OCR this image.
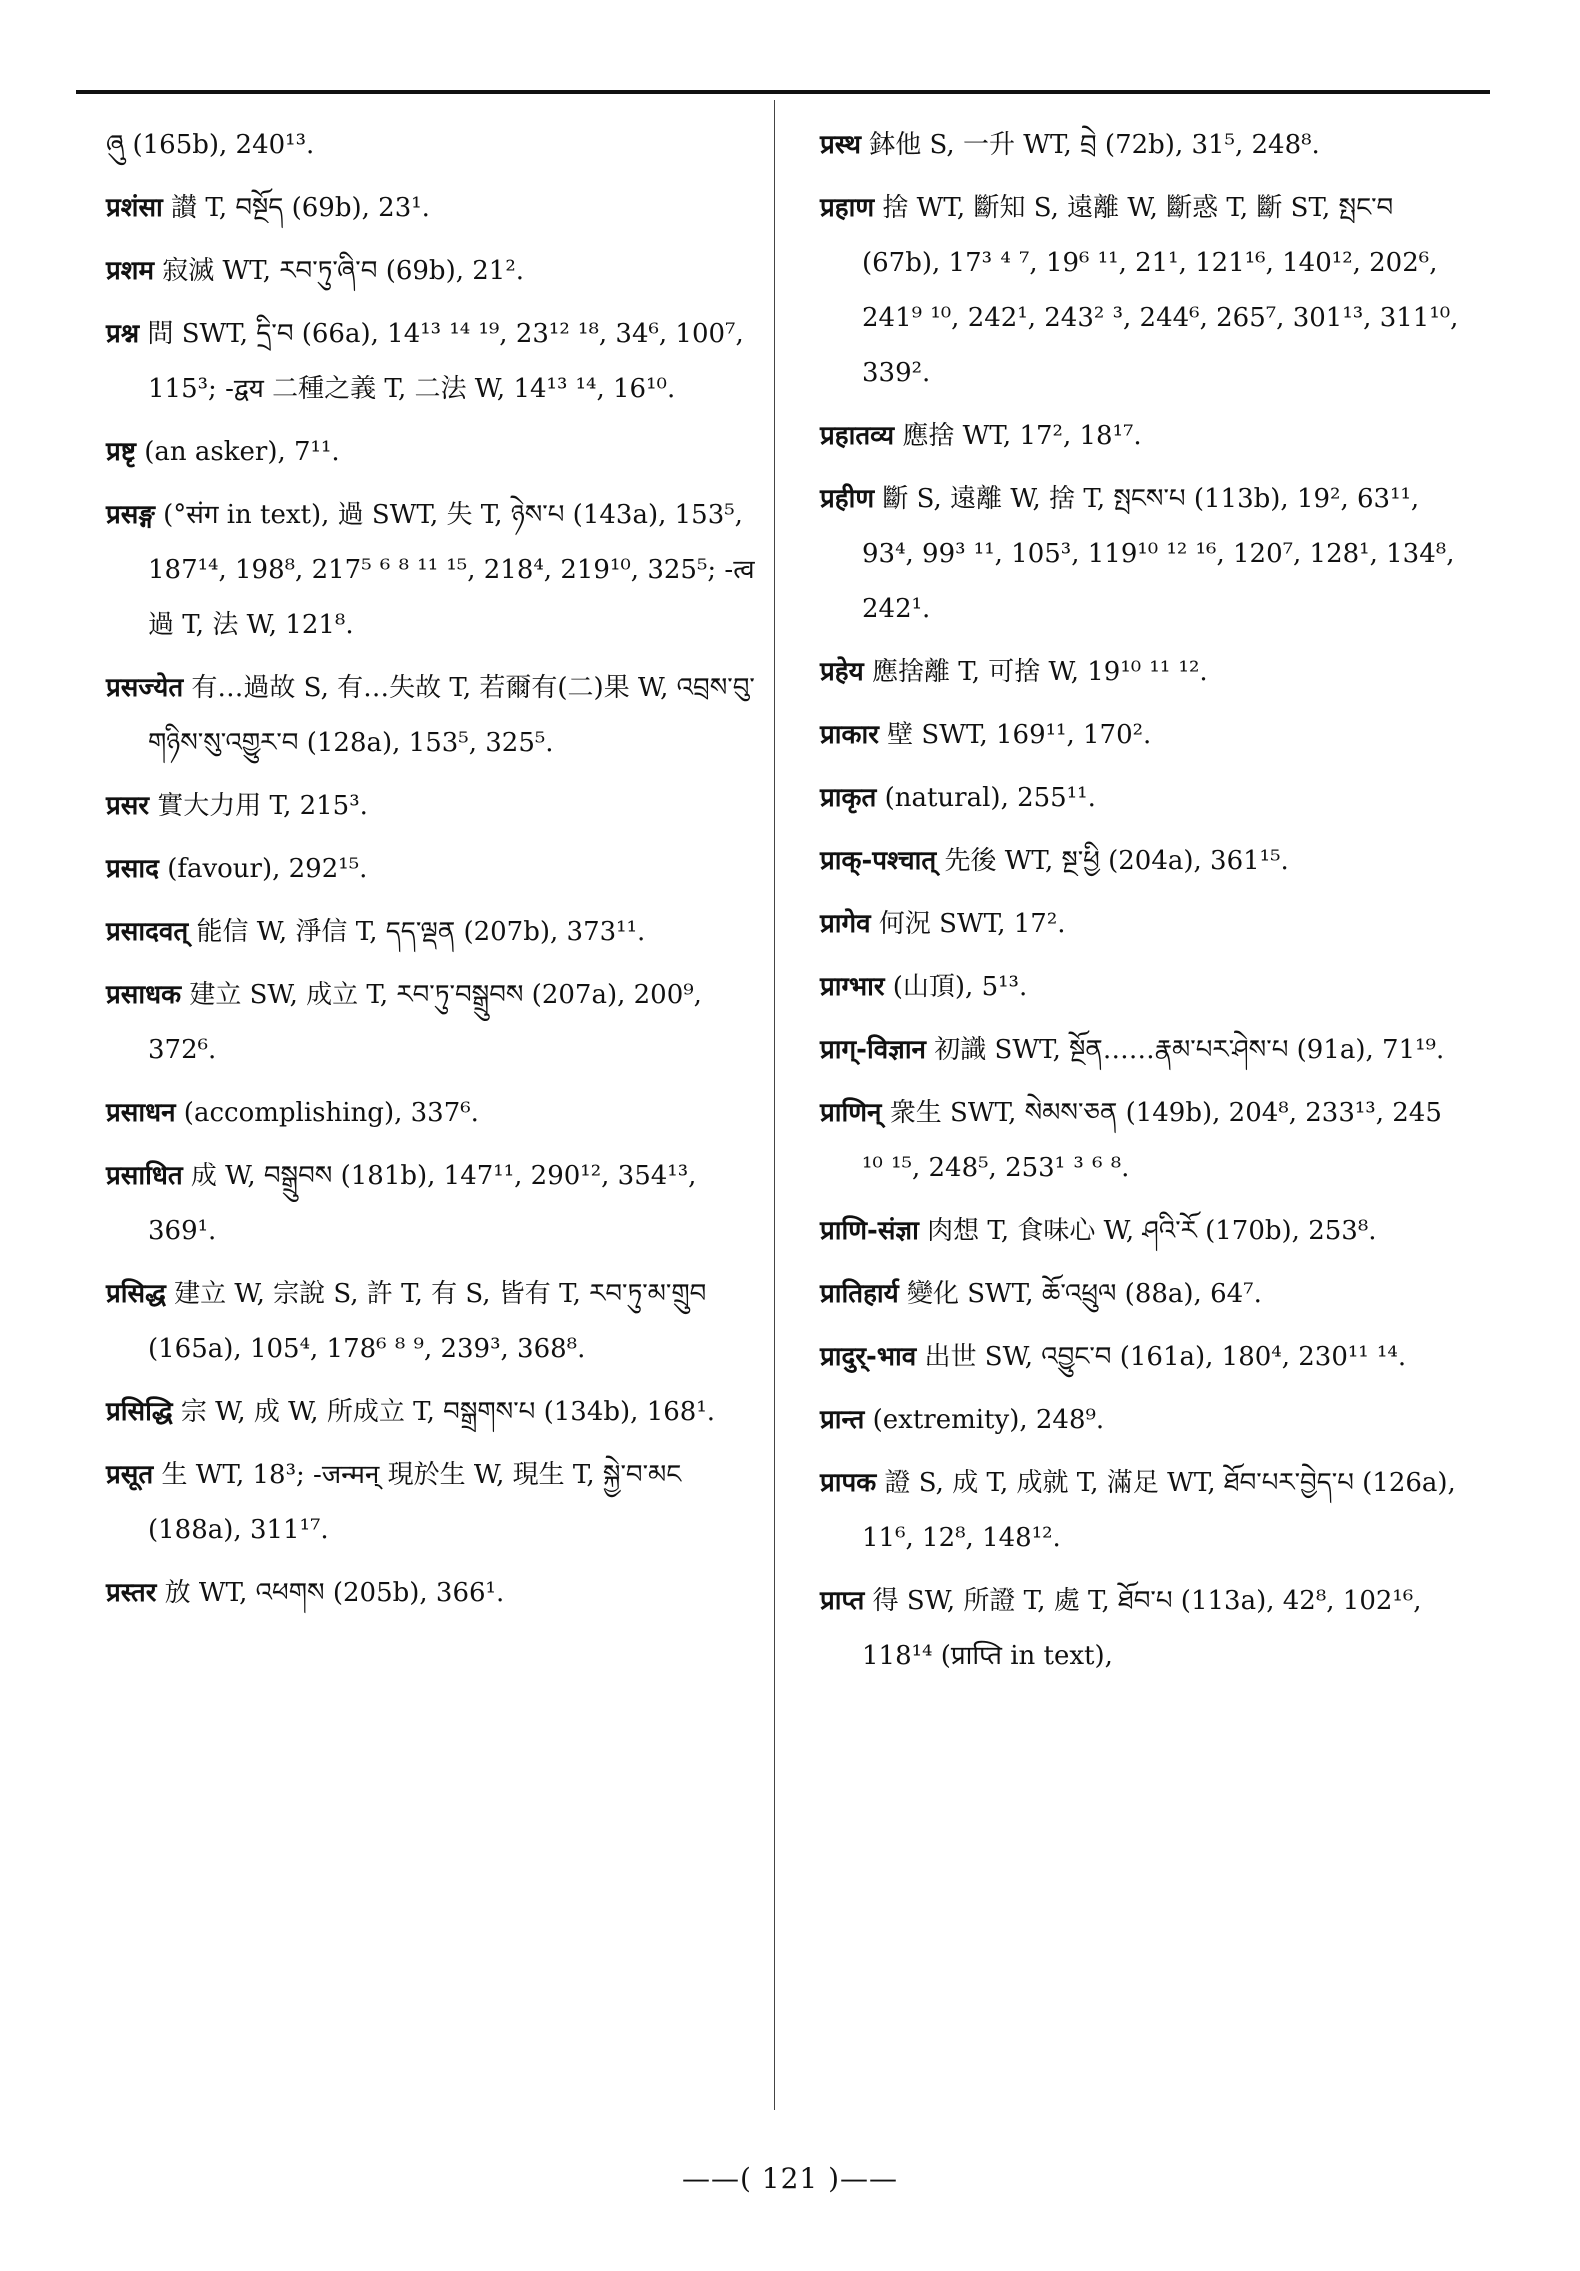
ཞུ (165b), 240¹³.
प्रशंसा 讃 T, བསྔོད (69b), 23¹.
प्रशम 寂滅 WT, རབ་ཏུ་ཞི་བ (69b), 21².
प्रश्न 問 SWT, དྲི་བ (66a), 14¹³ ¹⁴ ¹⁹, 23¹² ¹⁸, 34⁶, 100⁷, 115³; -द्वय 二種之義 T, 二法 W, 14¹³ ¹⁴, 16¹⁰.
प्रष्टृ (an asker), 7¹¹.
प्रसङ्ग (°संग in text), 過 SWT, 失 T, ཉེས་པ (143a), 153⁵, 187¹⁴, 198⁸, 217⁵ ⁶ ⁸ ¹¹ ¹⁵, 218⁴, 219¹⁰, 325⁵; -त्व 過 T, 法 W, 121⁸.
प्रसज्येत 有…過故 S, 有…失故 T, 若爾有(二)果 W, འབྲས་བུ་གཉིས་སུ་འགྱུར་བ (128a), 153⁵, 325⁵.
प्रसर 實大力用 T, 215³.
प्रसाद (favour), 292¹⁵.
प्रसादवत् 能信 W, 淨信 T, དད་ལྡན (207b), 373¹¹.
प्रसाधक 建立 SW, 成立 T, རབ་ཏུ་བསྒྲུབས (207a), 200⁹, 372⁶.
प्रसाधन (accomplishing), 337⁶.
प्रसाधित 成 W, བསྒྲུབས (181b), 147¹¹, 290¹², 354¹³, 369¹.
प्रसिद्ध 建立 W, 宗說 S, 許 T, 有 S, 皆有 T, རབ་ཏུ་མ་གྲུབ (165a), 105⁴, 178⁶ ⁸ ⁹, 239³, 368⁸.
प्रसिद्धि 宗 W, 成 W, 所成立 T, བསྒྲགས་པ (134b), 168¹.
प्रसूत 生 WT, 18³; -जन्मन् 現於生 W, 現生 T, སྐྱེ་བ་མང (188a), 311¹⁷.
प्रस्तर 放 WT, འཕགས (205b), 366¹.
प्रस्थ 鉢他 S, 一升 WT, བྲེ (72b), 31⁵, 248⁸.
प्रहाण 捨 WT, 斷知 S, 遠離 W, 斷惑 T, 斷 ST, སྤང་བ (67b), 17³ ⁴ ⁷, 19⁶ ¹¹, 21¹, 121¹⁶, 140¹², 202⁶, 241⁹ ¹⁰, 242¹, 243² ³, 244⁶, 265⁷, 301¹³, 311¹⁰, 339².
प्रहातव्य 應捨 WT, 17², 18¹⁷.
प्रहीण 斷 S, 遠離 W, 捨 T, སྤངས་པ (113b), 19², 63¹¹, 93⁴, 99³ ¹¹, 105³, 119¹⁰ ¹² ¹⁶, 120⁷, 128¹, 134⁸, 242¹.
प्रहेय 應捨離 T, 可捨 W, 19¹⁰ ¹¹ ¹².
प्राकार 壁 SWT, 169¹¹, 170².
प्राकृत (natural), 255¹¹.
प्राक्-पश्चात् 先後 WT, སྔ་ཕྱི (204a), 361¹⁵.
प्रागेव 何況 SWT, 17².
प्राग्भार (山頂), 5¹³.
प्राग्-विज्ञान 初識 SWT, སྔོན……རྣམ་པར་ཤེས་པ (91a), 71¹⁹.
प्राणिन् 衆生 SWT, སེམས་ཅན (149b), 204⁸, 233¹³, 245 ¹⁰ ¹⁵, 248⁵, 253¹ ³ ⁶ ⁸.
प्राणि-संज्ञा 肉想 T, 食味心 W, ཤའི་རོ (170b), 253⁸.
प्रातिहार्य 變化 SWT, ཆོ་འཕྲུལ (88a), 64⁷.
प्रादुर्-भाव 出世 SW, འབྱུང་བ (161a), 180⁴, 230¹¹ ¹⁴.
प्रान्त (extremity), 248⁹.
प्रापक 證 S, 成 T, 成就 T, 滿足 WT, ཐོབ་པར་བྱེད་པ (126a), 11⁶, 12⁸, 148¹².
प्राप्त 得 SW, 所證 T, 處 T, ཐོབ་པ (113a), 42⁸, 102¹⁶, 118¹⁴ (प्राप्ति in text),
——( 121 )——
